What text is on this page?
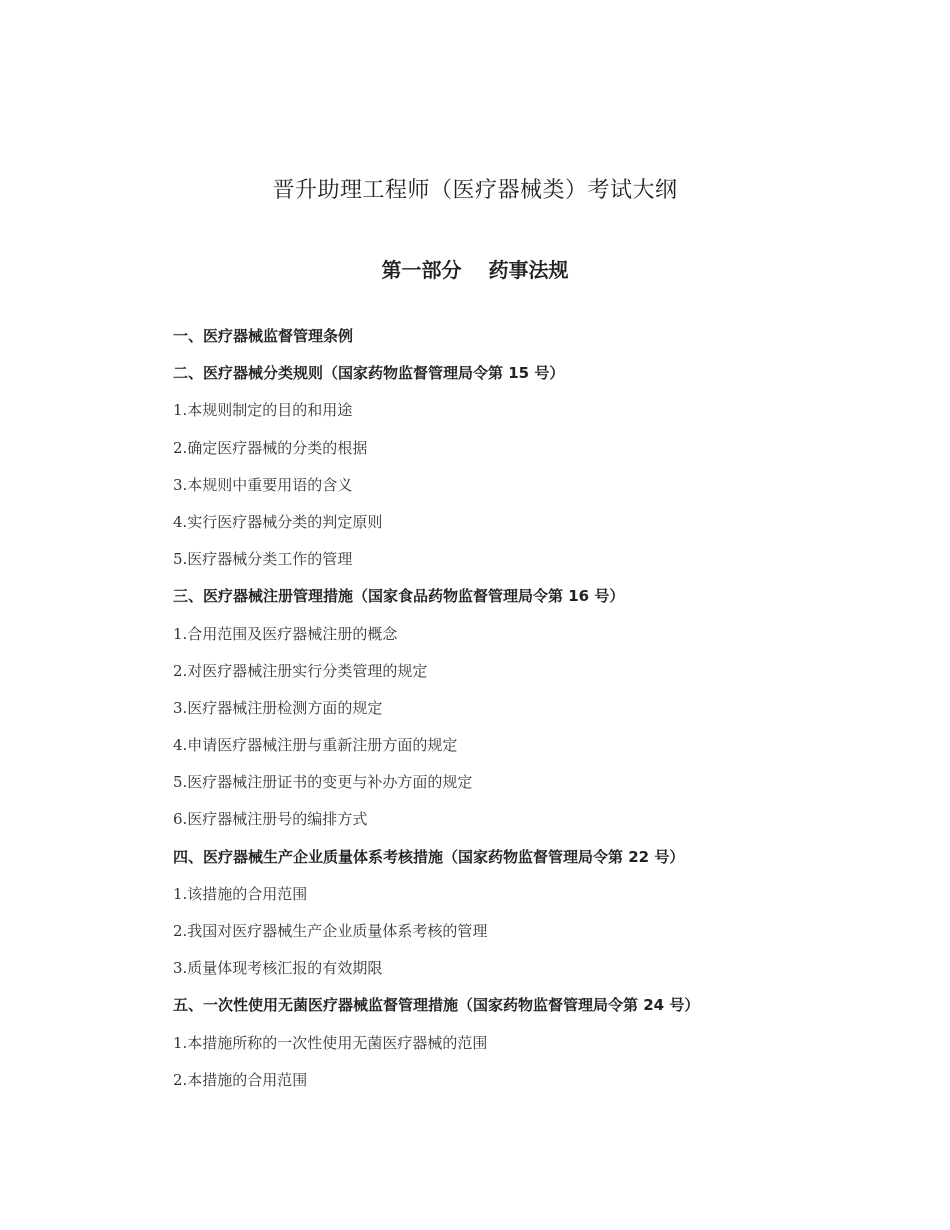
晋升助理工程师（医疗器械类）考试大纲
第一部分　 药事法规
一、医疗器械监督管理条例
二、医疗器械分类规则（国家药物监督管理局令第 15 号）
1.本规则制定的目的和用途
2.确定医疗器械的分类的根据
3.本规则中重要用语的含义
4.实行医疗器械分类的判定原则
5.医疗器械分类工作的管理
三、医疗器械注册管理措施（国家食品药物监督管理局令第 16 号）
1.合用范围及医疗器械注册的概念
2.对医疗器械注册实行分类管理的规定
3.医疗器械注册检测方面的规定
4.申请医疗器械注册与重新注册方面的规定
5.医疗器械注册证书的变更与补办方面的规定
6.医疗器械注册号的编排方式
四、医疗器械生产企业质量体系考核措施（国家药物监督管理局令第 22 号）
1.该措施的合用范围
2.我国对医疗器械生产企业质量体系考核的管理
3.质量体现考核汇报的有效期限
五、一次性使用无菌医疗器械监督管理措施（国家药物监督管理局令第 24 号）
1.本措施所称的一次性使用无菌医疗器械的范围
2.本措施的合用范围
